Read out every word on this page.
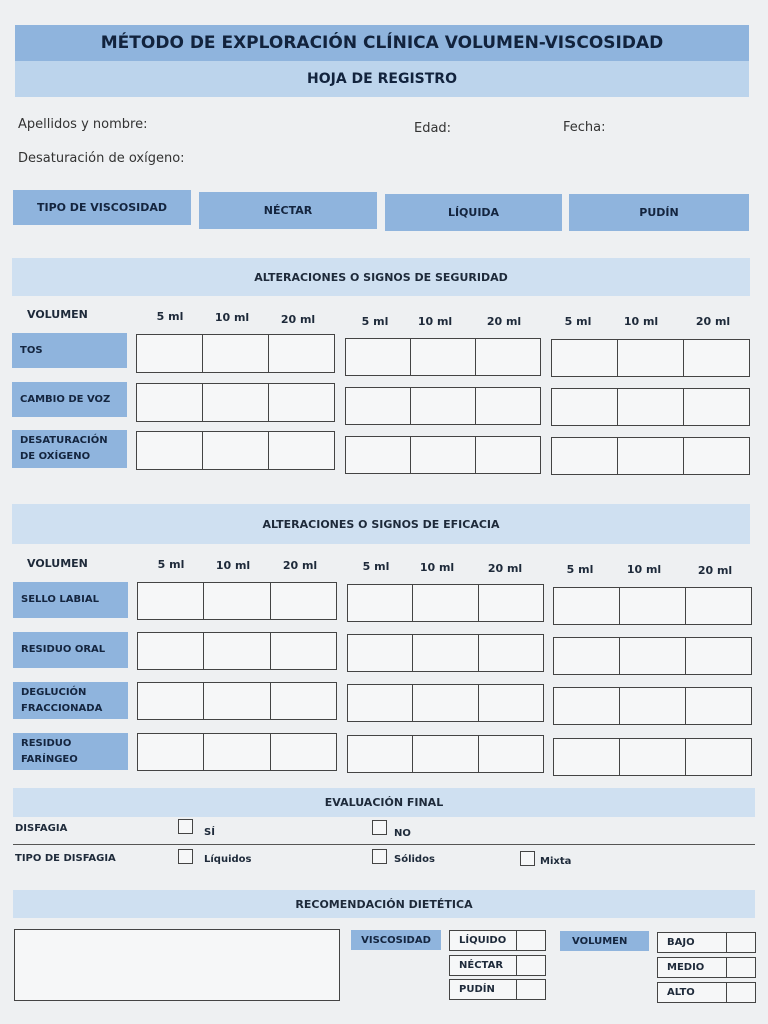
MÉTODO DE EXPLORACIÓN CLÍNICA VOLUMEN-VISCOSIDAD
HOJA DE REGISTRO
Apellidos y nombre:	Edad:	Fecha:
Desaturación de oxígeno:
TIPO DE VISCOSIDAD	NÉCTAR	LÍQUIDA	PUDÍN
ALTERACIONES O SIGNOS DE SEGURIDAD
VOLUMEN	5 ml	10 ml	20 ml	5 ml	10 ml	20 ml	5 ml	10 ml	20 ml
TOS
CAMBIO DE VOZ
DESATURACIÓN
DE OXÍGENO
ALTERACIONES O SIGNOS DE EFICACIA
VOLUMEN	5 ml	10 ml	20 ml	5 ml	10 ml	20 ml	5 ml	10 ml	20 ml
SELLO LABIAL
RESIDUO ORAL
DEGLUCIÓN
FRACCIONADA
RESIDUO
FARÍNGEO
EVALUACIÓN FINAL
DISFAGIA	SÍ	NO
TIPO DE DISFAGIA	Líquidos	Sólidos	Mixta
RECOMENDACIÓN DIETÉTICA
VISCOSIDAD	LÍQUIDO
NÉCTAR
PUDÍN
VOLUMEN	BAJO
MEDIO
ALTO
